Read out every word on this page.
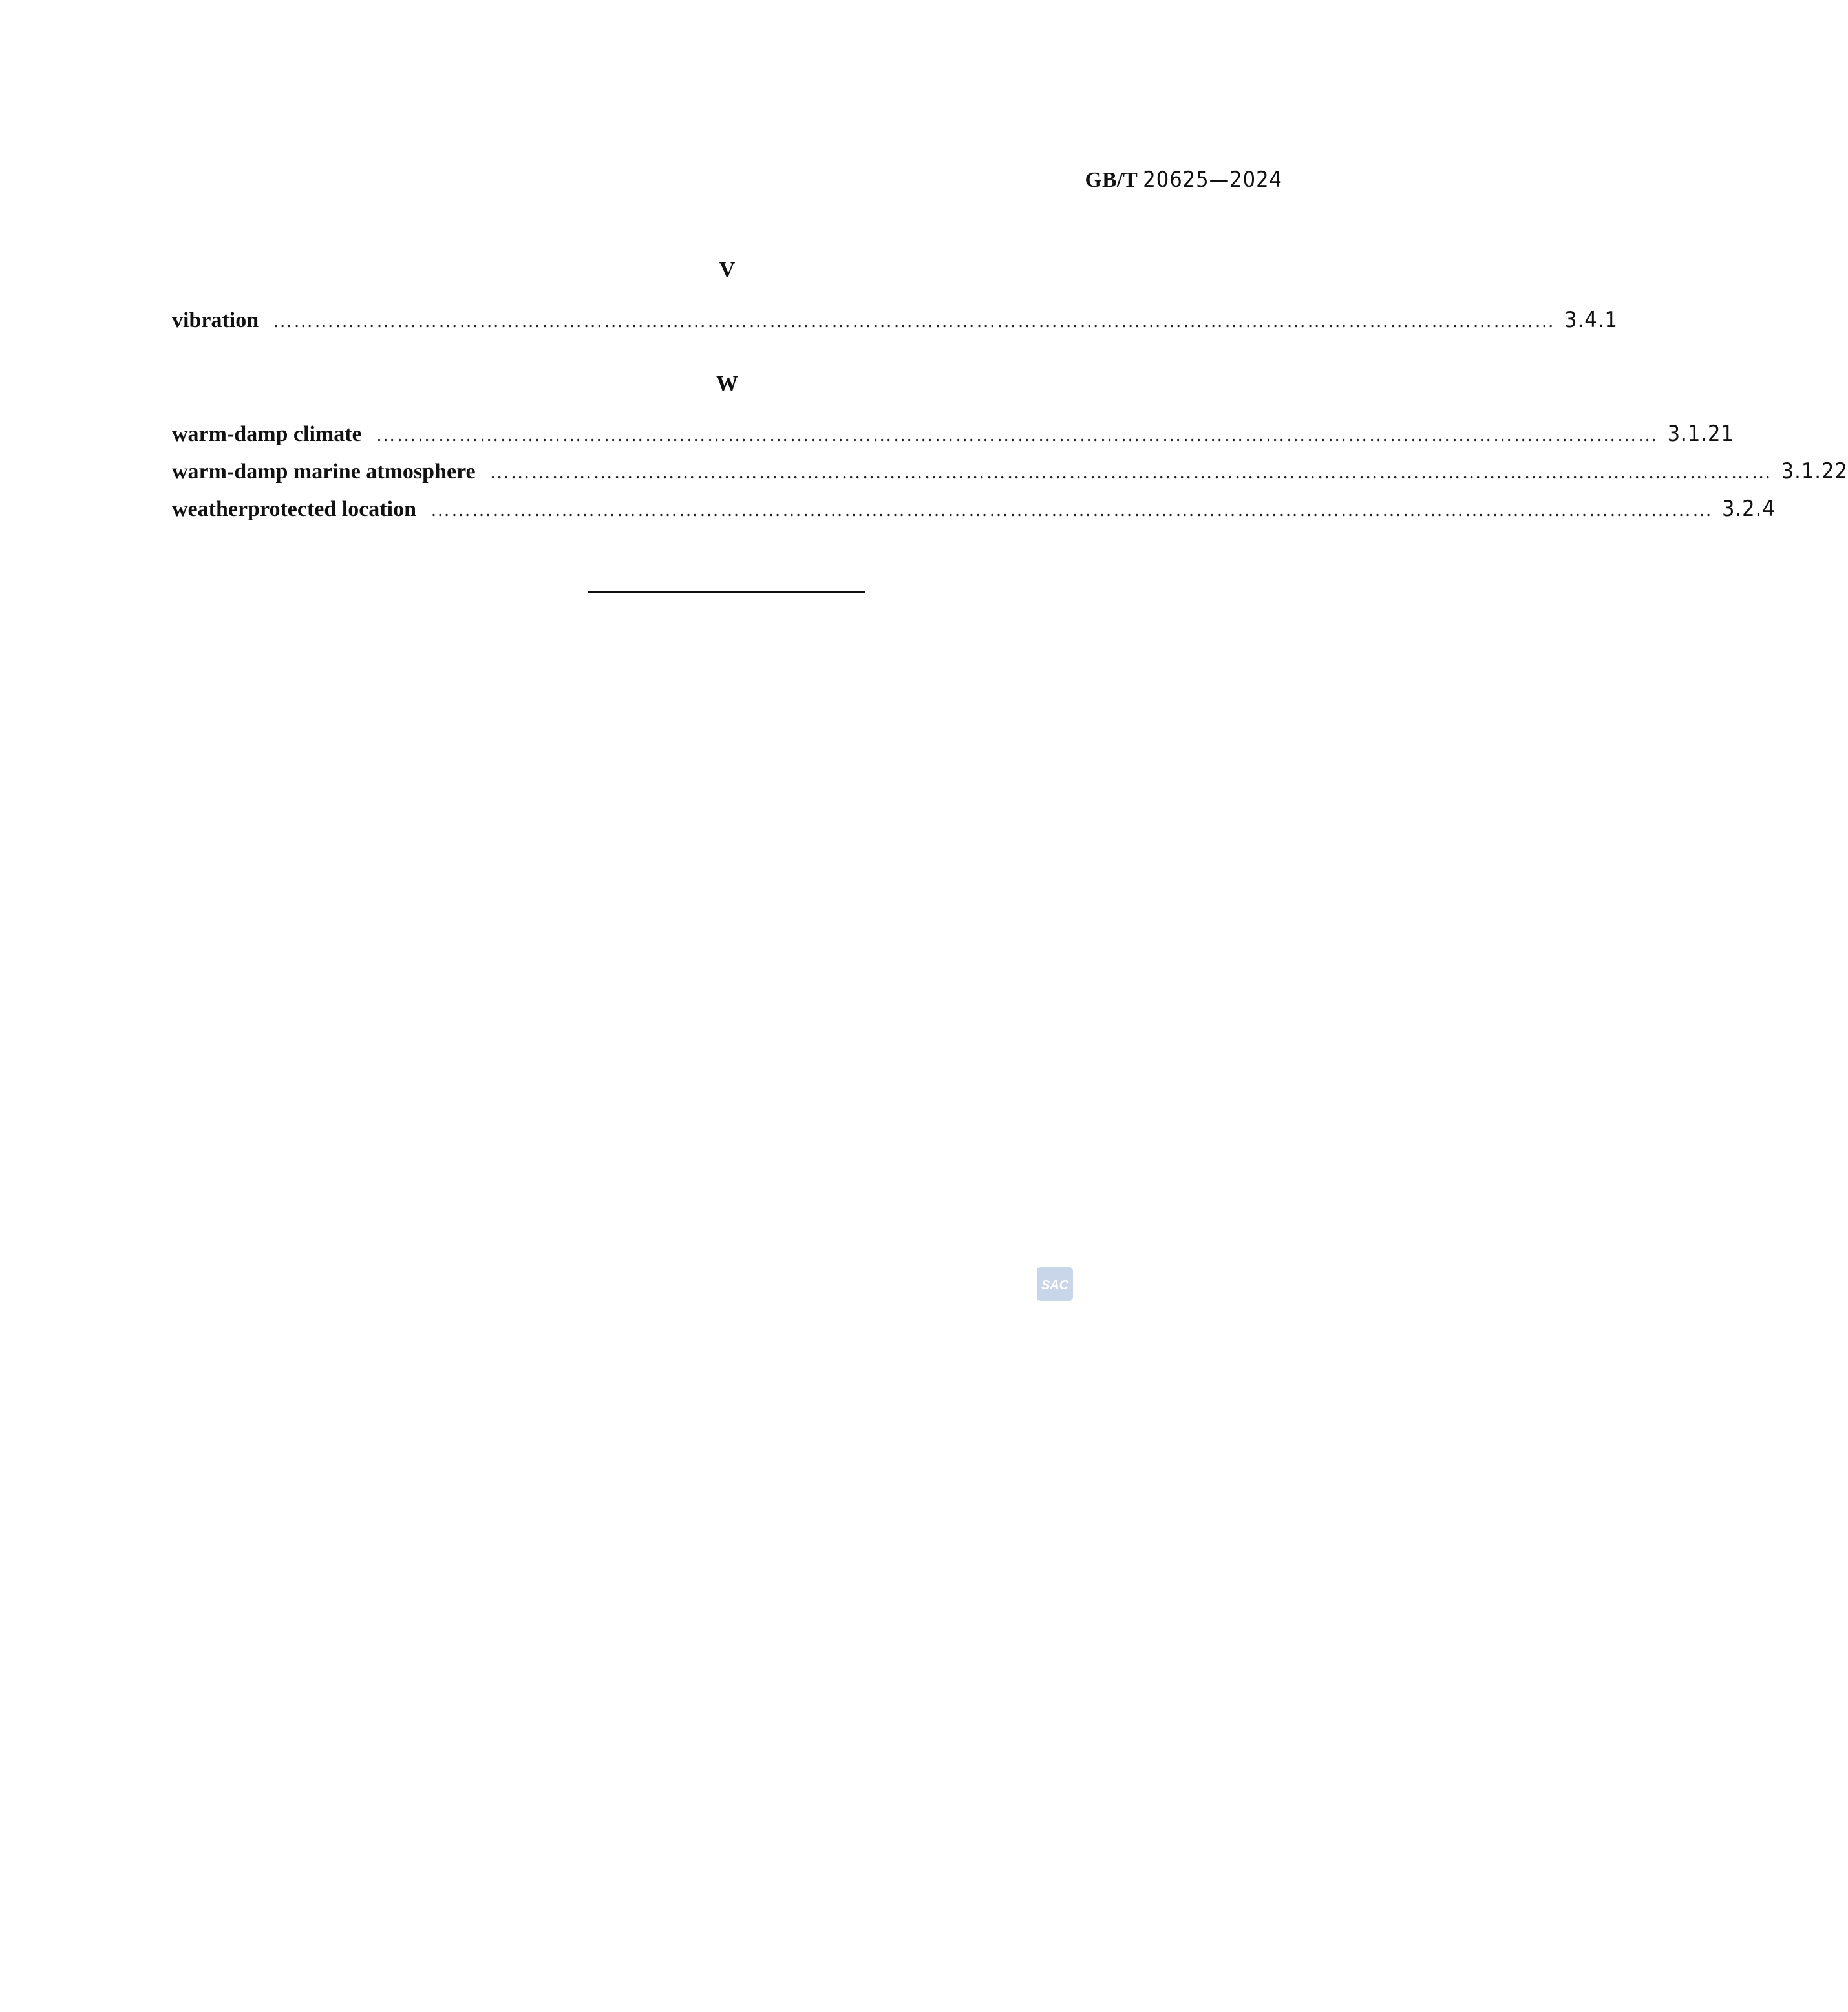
GB/T 20625—2024
V
vibration …………………………………………………………………………………………………………………………………………………………………… 3.4.1
W
warm-damp climate …………………………………………………………………………………………………………………………………………………………………… 3.1.21
warm-damp marine atmosphere …………………………………………………………………………………………………………………………………………………………………… 3.1.22
weatherprotected location …………………………………………………………………………………………………………………………………………………………………… 3.2.4
SAC
